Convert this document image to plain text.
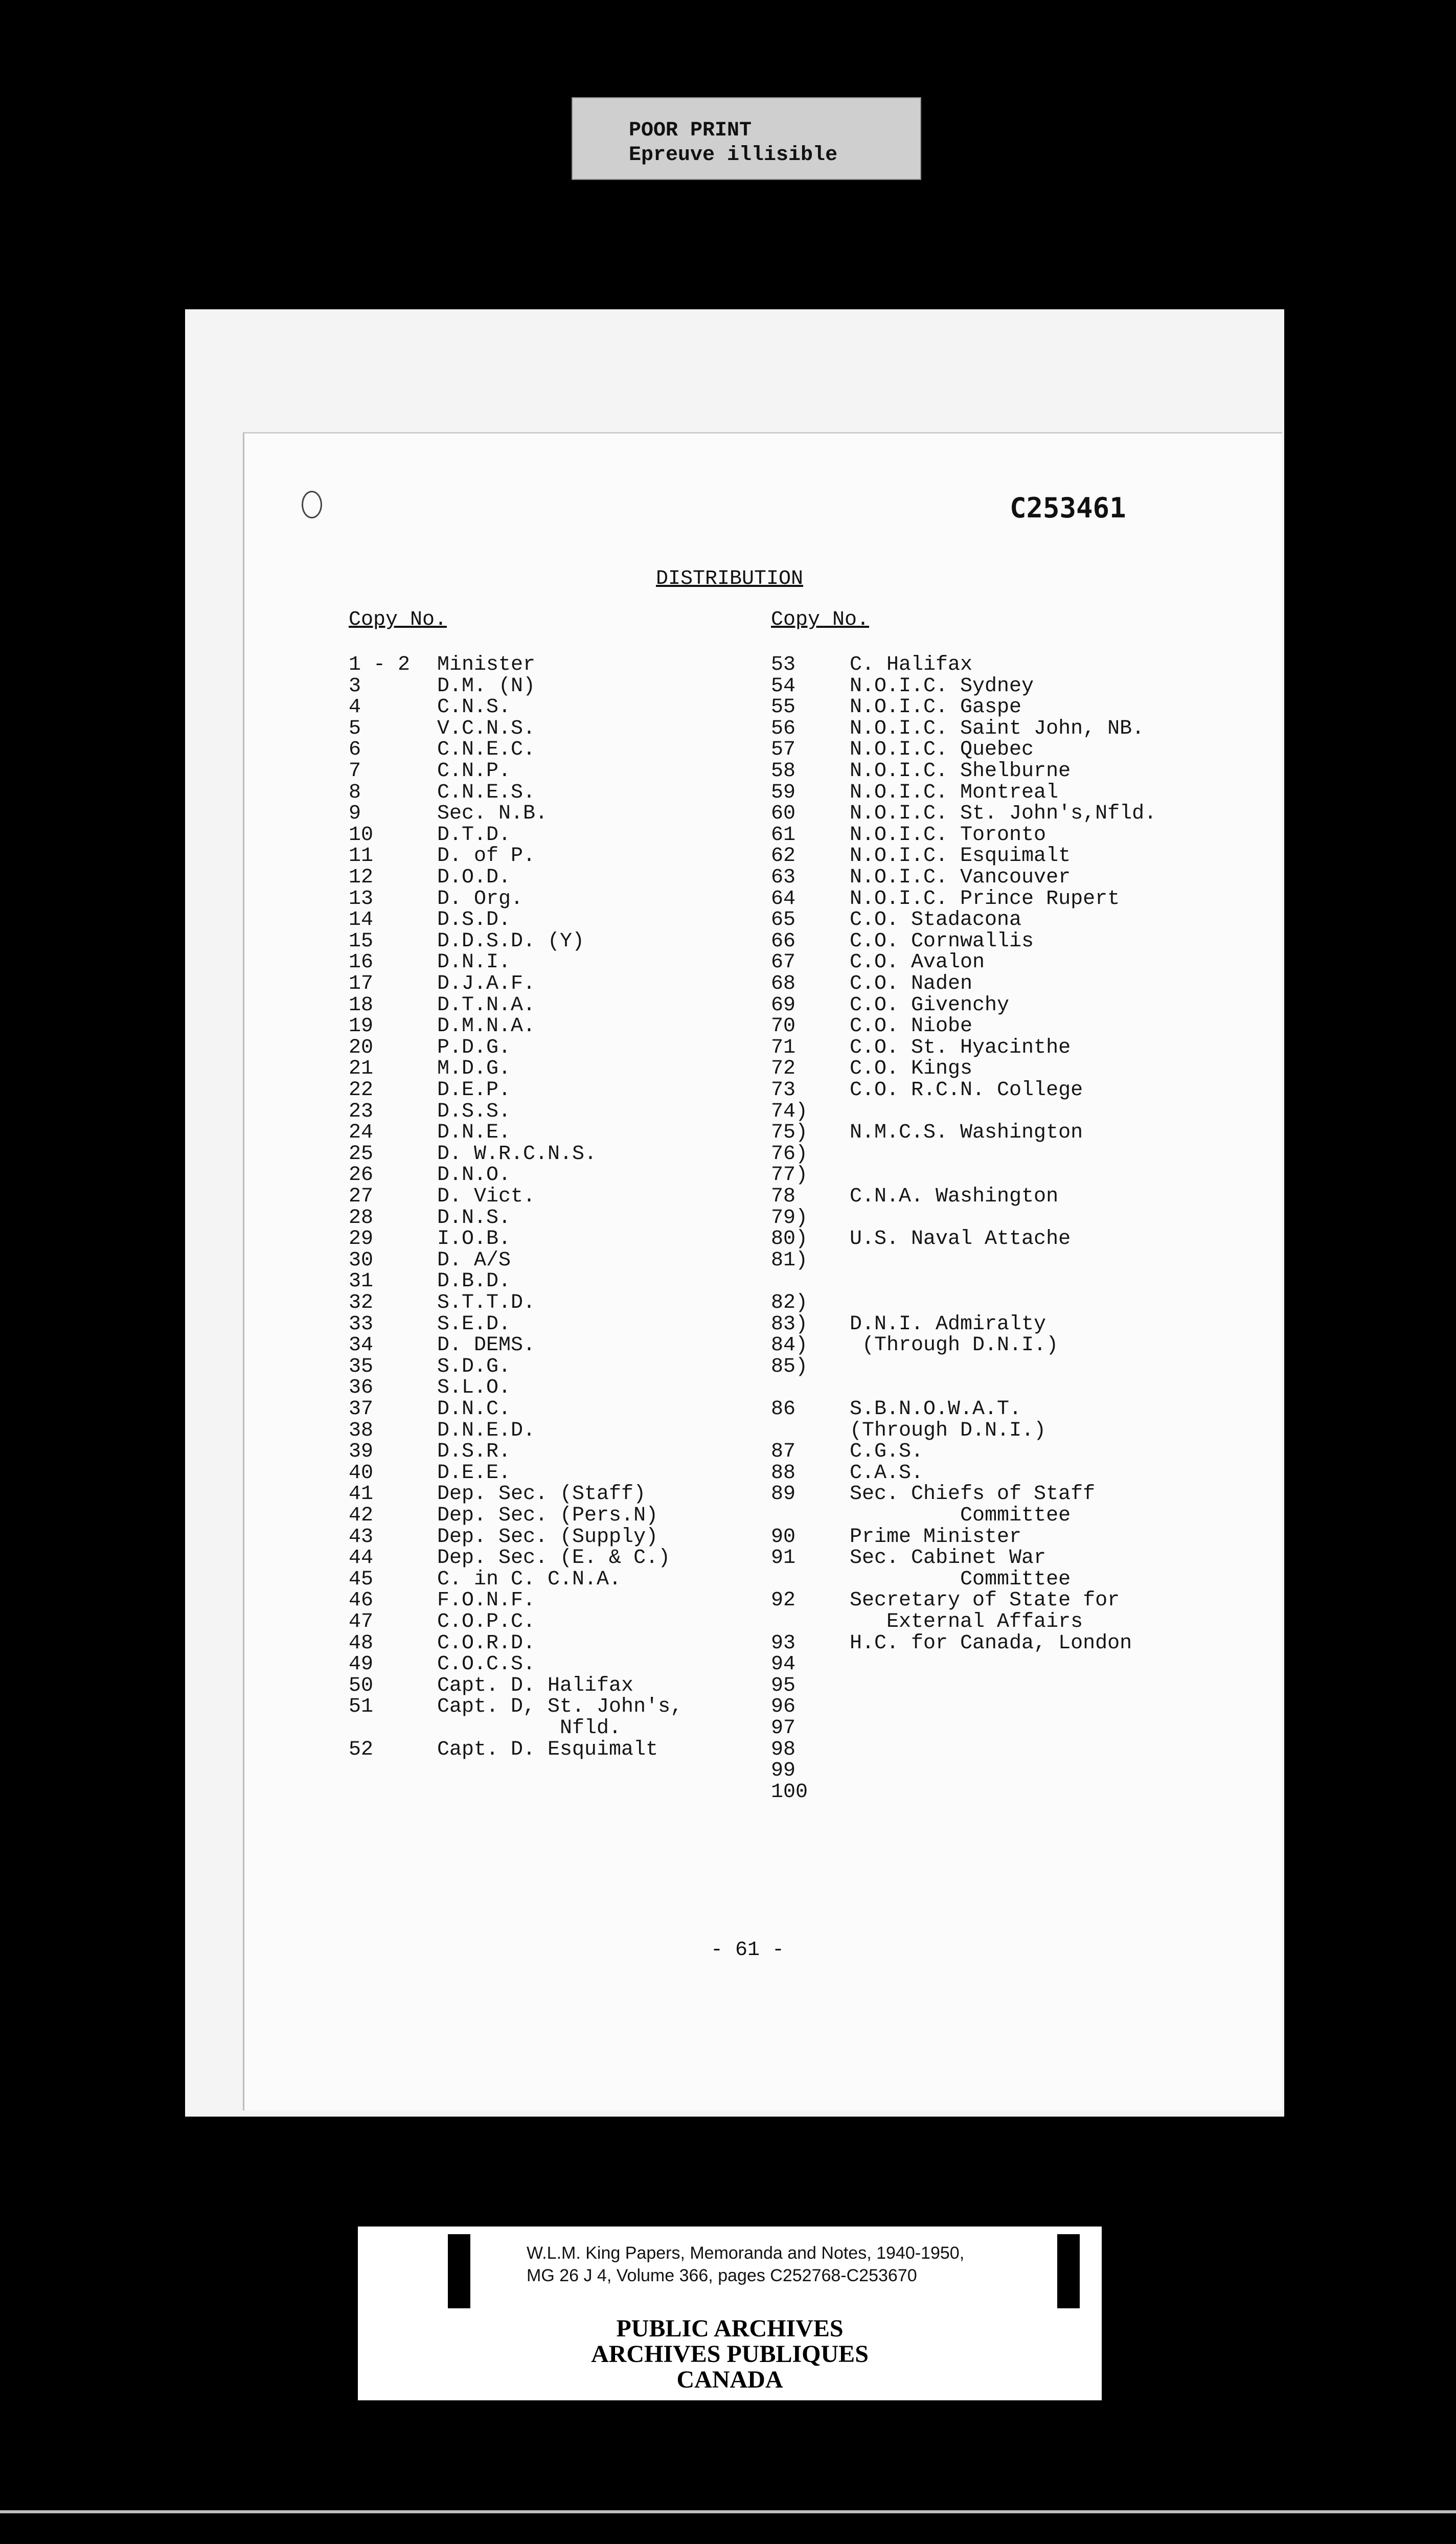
POOR PRINT
Epreuve illisible
C253461
DISTRIBUTION
Copy No.	Copy No.
1 - 2 Minister
3	D.M. (N)
4	C.N.S.
5	V.C.N.S.
6	C.N.E.C.
7	C.N.P.
8	C.N.E.S.
9	Sec. N.B.
10	D.T.D.
11	D. of P.
12	D.O.D.
13	D. Org.
14	D.S.D.
15	D.D.S.D. (Y)
16	D.N.I.
17	D.J.A.F.
18	D.T.N.A.
19	D.M.N.A.
20	P.D.G.
21	M.D.G.
22	D.E.P.
23	D.S.S.
24	D.N.E.
25	D. W.R.C.N.S.
26	D.N.O.
27	D. Vict.
28	D.N.S.
29	I.O.B.
30	D. A/S
31	D.B.D.
32	S.T.T.D.
33	S.E.D.
34	D. DEMS.
35	S.D.G.
36	S.L.O.
37	D.N.C.
38	D.N.E.D.
39	D.S.R.
40	D.E.E.
41	Dep. Sec. (Staff)
42	Dep. Sec. (Pers.N)
43	Dep. Sec. (Supply)
44	Dep. Sec. (E. & C.)
45	C. in C. C.N.A.
46	F.O.N.F.
47	C.O.P.C.
48	C.O.R.D.
49	C.O.C.S.
50	Capt. D. Halifax
51	Capt. D, St. John's,
Nfld.
52	Capt. D. Esquimalt
53	C. Halifax
54	N.O.I.C. Sydney
55	N.O.I.C. Gaspe
56	N.O.I.C. Saint John, NB.
57	N.O.I.C. Quebec
58	N.O.I.C. Shelburne
59	N.O.I.C. Montreal
60	N.O.I.C. St. John's,Nfld.
61	N.O.I.C. Toronto
62	N.O.I.C. Esquimalt
63	N.O.I.C. Vancouver
64	N.O.I.C. Prince Rupert
65	C.O. Stadacona
66	C.O. Cornwallis
67	C.O. Avalon
68	C.O. Naden
69	C.O. Givenchy
70	C.O. Niobe
71	C.O. St. Hyacinthe
72	C.O. Kings
73	C.O. R.C.N. College
74)
75) N.M.C.S. Washington
76)
77)
78	C.N.A. Washington
79)
80) U.S. Naval Attache
81)
82)
83) D.N.I. Admiralty
84) (Through D.N.I.)
85)
86	S.B.N.O.W.A.T.
(Through D.N.I.)
87	C.G.S.
88	C.A.S.
89	Sec. Chiefs of Staff
Committee
90	Prime Minister
91	Sec. Cabinet War
Committee
92	Secretary of State for
External Affairs
93	H.C. for Canada, London
94
95
96
97
98
99
100
- 61 -
W.L.M. King Papers, Memoranda and Notes, 1940-1950,
MG 26 J 4, Volume 366, pages C252768-C253670
PUBLIC ARCHIVES
ARCHIVES PUBLIQUES
CANADA
